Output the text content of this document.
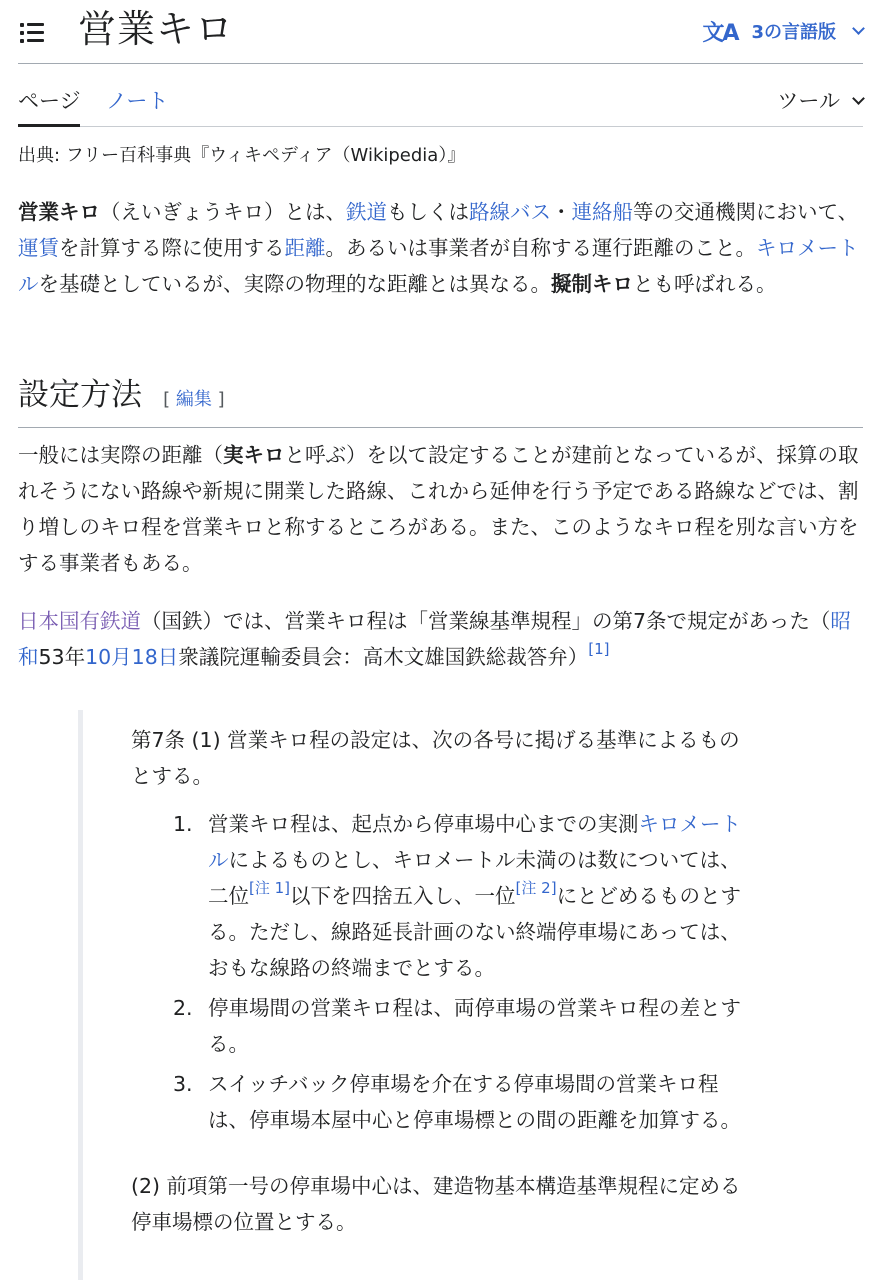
営業キロ	文A 3の言語版
ページ ノート	ツール
出典: フリー百科事典『ウィキペディア（Wikipedia）』

営業キロ（えいぎょうキロ）とは、鉄道もしくは路線バス・連絡船等の交通機関において、運賃を計算する際に使用する距離。あるいは事業者が自称する運行距離のこと。キロメートルを基礎としているが、実際の物理的な距離とは異なる。擬制キロとも呼ばれる。

設定方法 [ 編集 ]

一般には実際の距離（実キロと呼ぶ）を以て設定することが建前となっているが、採算の取れそうにない路線や新規に開業した路線、これから延伸を行う予定である路線などでは、割り増しのキロ程を営業キロと称するところがある。また、このようなキロ程を別な言い方をする事業者もある。

日本国有鉄道（国鉄）では、営業キロ程は「営業線基準規程」の第7条で規定があった（昭和53年10月18日衆議院運輸委員会：高木文雄国鉄総裁答弁）[1]

第7条 (1) 営業キロ程の設定は、次の各号に掲げる基準によるものとする。

1. 営業キロ程は、起点から停車場中心までの実測キロメートルによるものとし、キロメートル未満のは数については、二位[注 1]以下を四捨五入し、一位[注 2]にとどめるものとする。ただし、線路延長計画のない終端停車場にあっては、おもな線路の終端までとする。
2. 停車場間の営業キロ程は、両停車場の営業キロ程の差とする。
3. スイッチバック停車場を介在する停車場間の営業キロ程は、停車場本屋中心と停車場標との間の距離を加算する。

(2) 前項第一号の停車場中心は、建造物基本構造基準規程に定める停車場標の位置とする。
